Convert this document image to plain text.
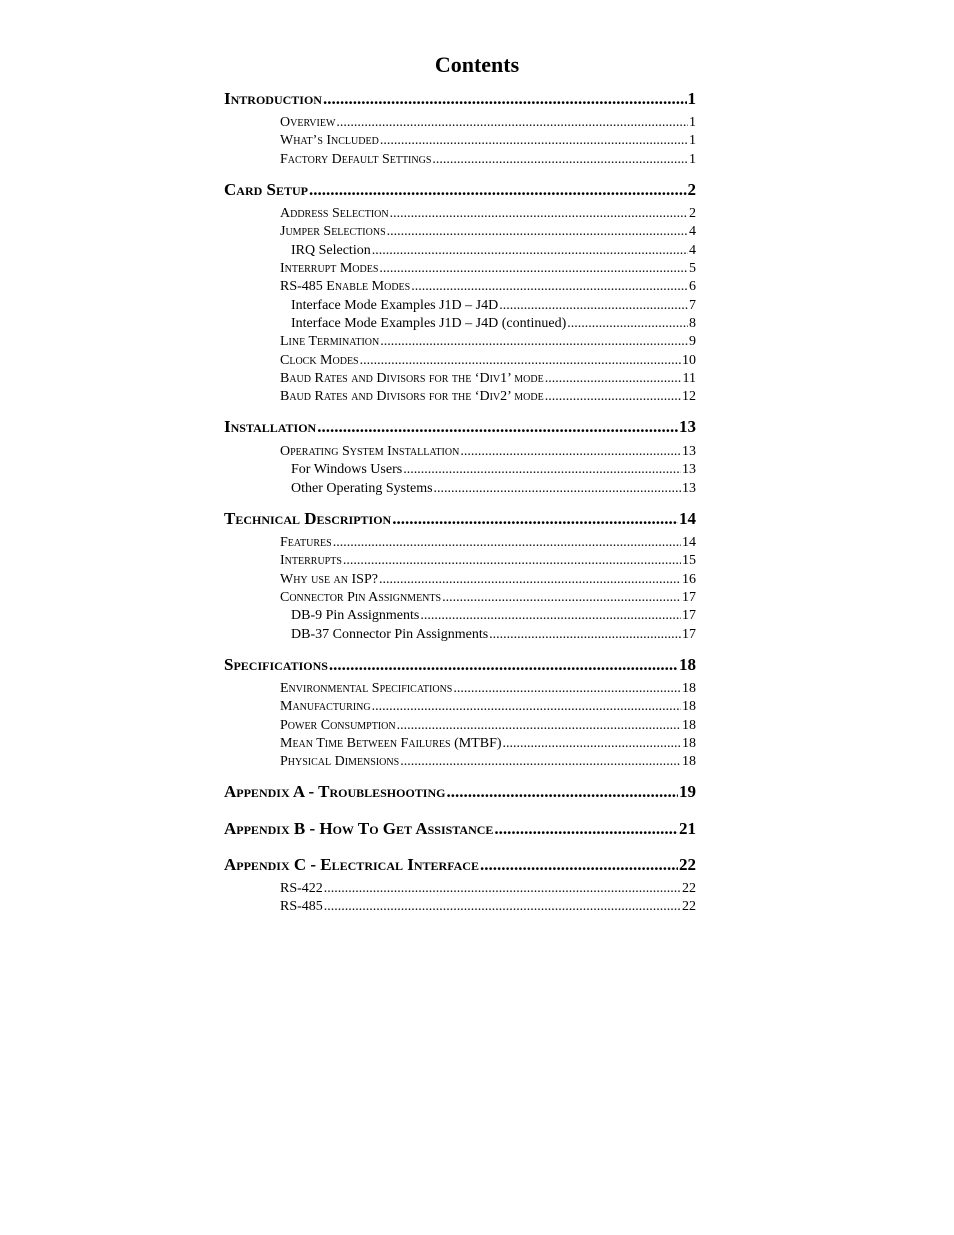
Contents
Introduction .....	1
Overview .....	1
What’s Included .....	1
Factory Default Settings .....	1
Card Setup .....	2
Address Selection .....	2
Jumper Selections .....	4
IRQ Selection .....	4
Interrupt Modes .....	5
RS-485 Enable Modes .....	6
Interface Mode Examples J1D – J4D .....	7
Interface Mode Examples J1D – J4D (continued) .....	8
Line Termination .....	9
Clock Modes .....	10
Baud Rates and Divisors for the ‘Div1’ mode .....	11
Baud Rates and Divisors for the ‘Div2’ mode .....	12
Installation .....	13
Operating System Installation .....	13
For Windows Users .....	13
Other Operating Systems .....	13
Technical Description .....	14
Features .....	14
Interrupts .....	15
Why use an ISP? .....	16
Connector Pin Assignments .....	17
DB-9 Pin Assignments .....	17
DB-37 Connector Pin Assignments .....	17
Specifications .....	18
Environmental Specifications .....	18
Manufacturing .....	18
Power Consumption .....	18
Mean Time Between Failures (MTBF) .....	18
Physical Dimensions .....	18
Appendix A - Troubleshooting .....	19
Appendix B - How To Get Assistance .....	21
Appendix C - Electrical Interface .....	22
RS-422 .....	22
RS-485 .....	22
